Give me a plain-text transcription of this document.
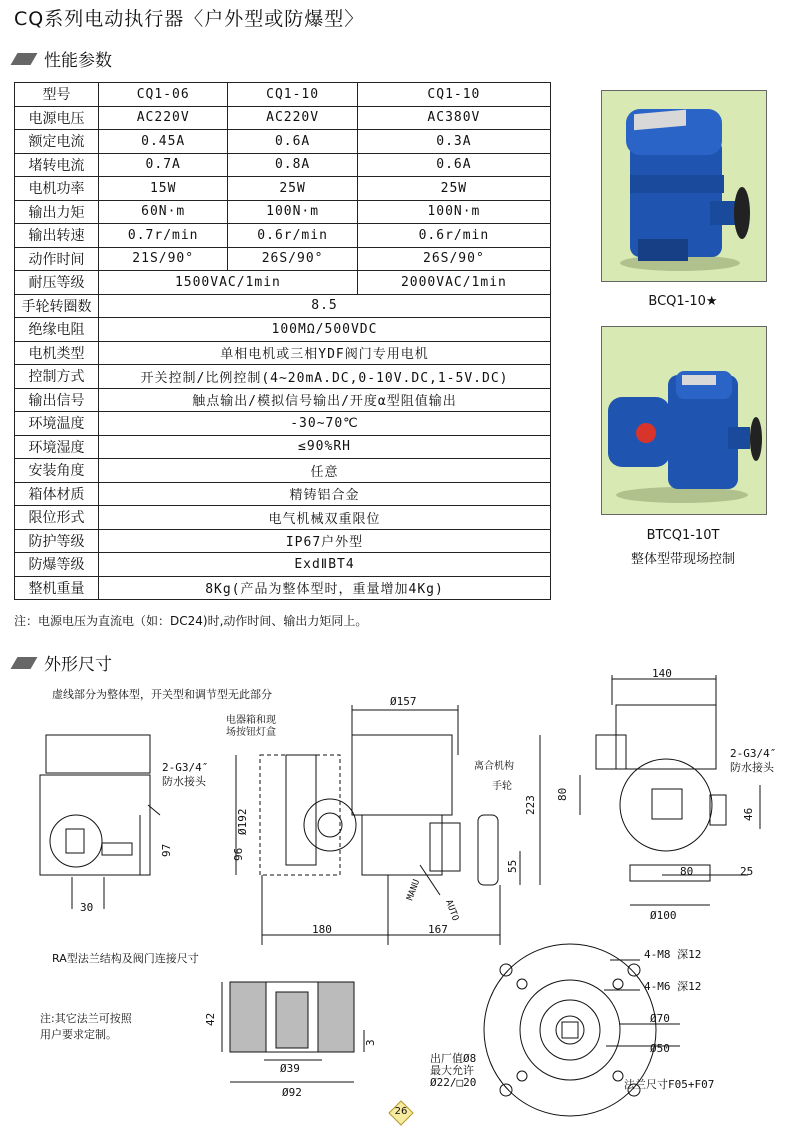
CQ系列电动执行器〈户外型或防爆型〉
性能参数
型号	CQ1-06	CQ1-10	CQ1-10
电源电压	AC220V	AC220V	AC380V
额定电流	0.45A	0.6A	0.3A
堵转电流	0.7A	0.8A	0.6A
电机功率	15W	25W	25W
输出力矩	60N·m	100N·m	100N·m
输出转速	0.7r/min	0.6r/min	0.6r/min
动作时间	21S/90°	26S/90°	26S/90°
耐压等级	1500VAC/1min		2000VAC/1min
手轮转圈数	8.5		
绝缘电阻	100MΩ/500VDC		
电机类型	单相电机或三相YDF阀门专用电机		
控制方式	开关控制/比例控制(4~20mA.DC,0-10V.DC,1-5V.DC)		
输出信号	触点输出/模拟信号输出/开度α型阻值输出		
环境温度	-30~70℃		
环境湿度	≤90%RH		
安装角度	任意		
箱体材质	精铸铝合金		
限位形式	电气机械双重限位		
防护等级	IP67户外型		
防爆等级	ExdⅡBT4		
整机重量	8Kg(产品为整体型时，重量增加4Kg)		
注：电源电压为直流电（如：DC24)时,动作时间、输出力矩同上。
BCQ1-10★
BTCQ1-10T
整体型带现场控制
外形尺寸
虚线部分为整体型，开关型和调节型无此部分
2-G3/4″
防水接头
电器箱和现
场按钮灯盒
离合机构
手轮
MANU
AUTO
Ø157
Ø192
97	96
30
180	167
223
55
140
80
46
80	25
Ø100
2-G3/4″
防水接头
RA型法兰结构及阀门连接尺寸
注:其它法兰可按照
用户要求定制。
42
3
Ø39
Ø92
4-M8 深12
4-M6 深12
Ø70
Ø50
出厂值Ø8
最大允许
Ø22/□20	法兰尺寸F05+F07
26
